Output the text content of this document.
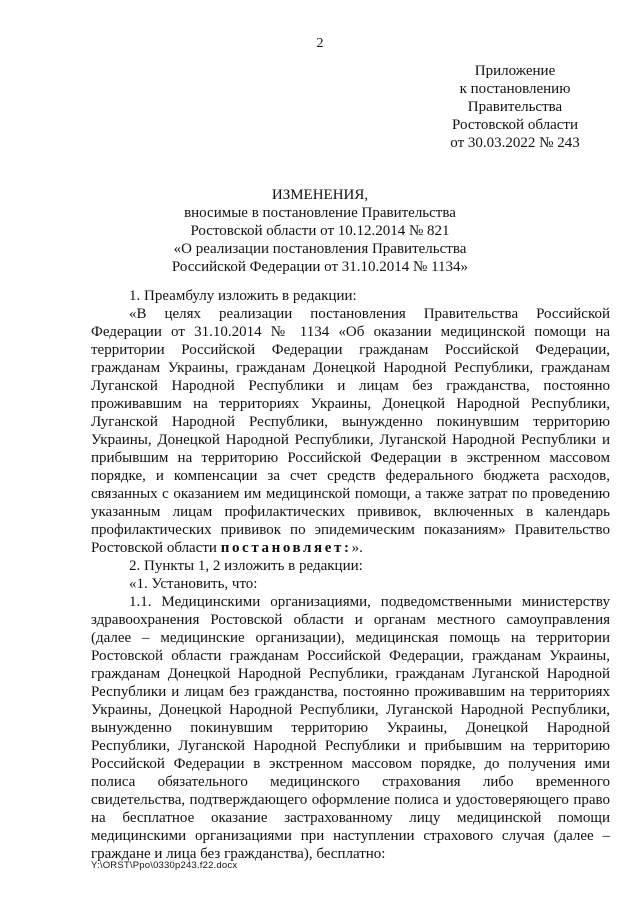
2
Приложение
к постановлению
Правительства
Ростовской области
от 30.03.2022 № 243
ИЗМЕНЕНИЯ,
вносимые в постановление Правительства
Ростовской области от 10.12.2014 № 821
«О реализации постановления Правительства
Российской Федерации от 31.10.2014 № 1134»

1. Преамбулу изложить в редакции:

«В целях реализации постановления Правительства Российской Федерации от 31.10.2014 № 1134 «Об оказании медицинской помощи на территории Российской Федерации гражданам Российской Федерации, гражданам Украины, гражданам Донецкой Народной Республики, гражданам Луганской Народной Республики и лицам без гражданства, постоянно проживавшим на территориях Украины, Донецкой Народной Республики, Луганской Народной Республики, вынужденно покинувшим территорию Украины, Донецкой Народной Республики, Луганской Народной Республики и прибывшим на территорию Российской Федерации в экстренном массовом порядке, и компенсации за счет средств федерального бюджета расходов, связанных с оказанием им медицинской помощи, а также затрат по проведению указанным лицам профилактических прививок, включенных в календарь профилактических прививок по эпидемическим показаниям» Правительство Ростовской области постановляет:».

2. Пункты 1, 2 изложить в редакции:

«1. Установить, что:

1.1. Медицинскими организациями, подведомственными министерству здравоохранения Ростовской области и органам местного самоуправления (далее – медицинские организации), медицинская помощь на территории Ростовской области гражданам Российской Федерации, гражданам Украины, гражданам Донецкой Народной Республики, гражданам Луганской Народной Республики и лицам без гражданства, постоянно проживавшим на территориях Украины, Донецкой Народной Республики, Луганской Народной Республики, вынужденно покинувшим территорию Украины, Донецкой Народной Республики, Луганской Народной Республики и прибывшим на территорию Российской Федерации в экстренном массовом порядке, до получения ими полиса обязательного медицинского страхования либо временного свидетельства, подтверждающего оформление полиса и удостоверяющего право на бесплатное оказание застрахованному лицу медицинской помощи медицинскими организациями при наступлении страхового случая (далее – граждане и лица без гражданства), бесплатно:

Y:\ORST\Ppo\0330p243.f22.docx
